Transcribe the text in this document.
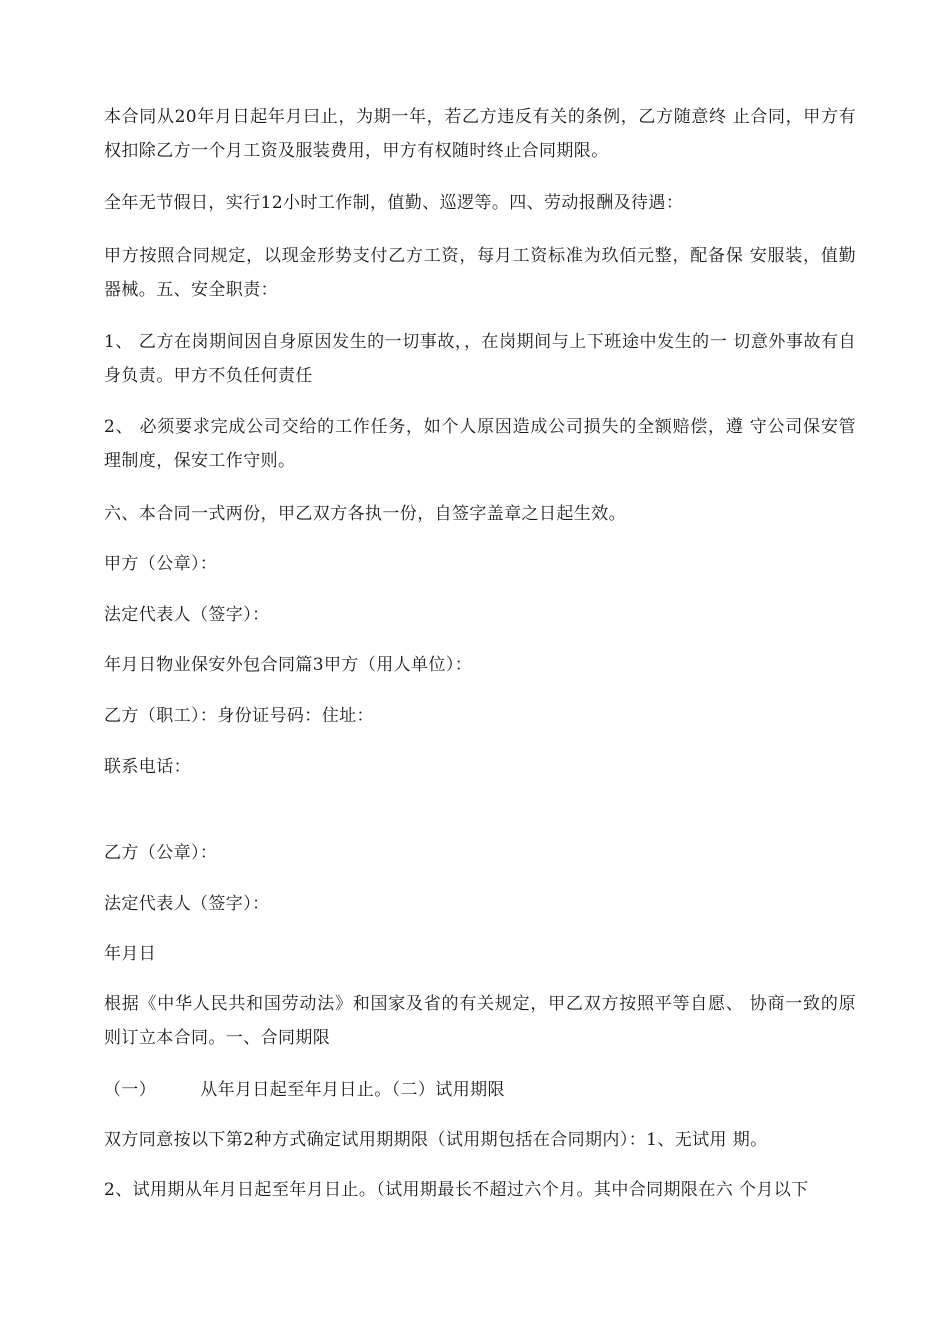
本合同从20年月日起年月曰止，为期一年，若乙方违反有关的条例，乙方随意终 止合同，甲方有权扣除乙方一个月工资及服装费用，甲方有权随时终止合同期限。
全年无节假日，实行12小时工作制，值勤、巡逻等。四、劳动报酬及待遇：
甲方按照合同规定，以现金形势支付乙方工资，每月工资标准为玖佰元整，配备保 安服装，值勤器械。五、安全职责：
1、 乙方在岗期间因自身原因发生的一切事故，，在岗期间与上下班途中发生的一 切意外事故有自身负责。甲方不负任何责任
2、 必须要求完成公司交给的工作任务，如个人原因造成公司损失的全额赔偿，遵 守公司保安管理制度，保安工作守则。
六、本合同一式两份，甲乙双方各执一份，自签字盖章之日起生效。
甲方（公章）：
法定代表人（签字）：
年月日物业保安外包合同篇3甲方（用人单位）：
乙方（职工）：身份证号码：住址：
联系电话：
乙方（公章）：
法定代表人（签字）：
年月日
根据《中华人民共和国劳动法》和国家及省的有关规定，甲乙双方按照平等自愿、 协商一致的原则订立本合同。一、合同期限
（一）	从年月日起至年月日止。（二）试用期限
双方同意按以下第2种方式确定试用期期限（试用期包括在合同期内）：1、无试用 期。
2、试用期从年月日起至年月日止。（试用期最长不超过六个月。其中合同期限在六 个月以下
